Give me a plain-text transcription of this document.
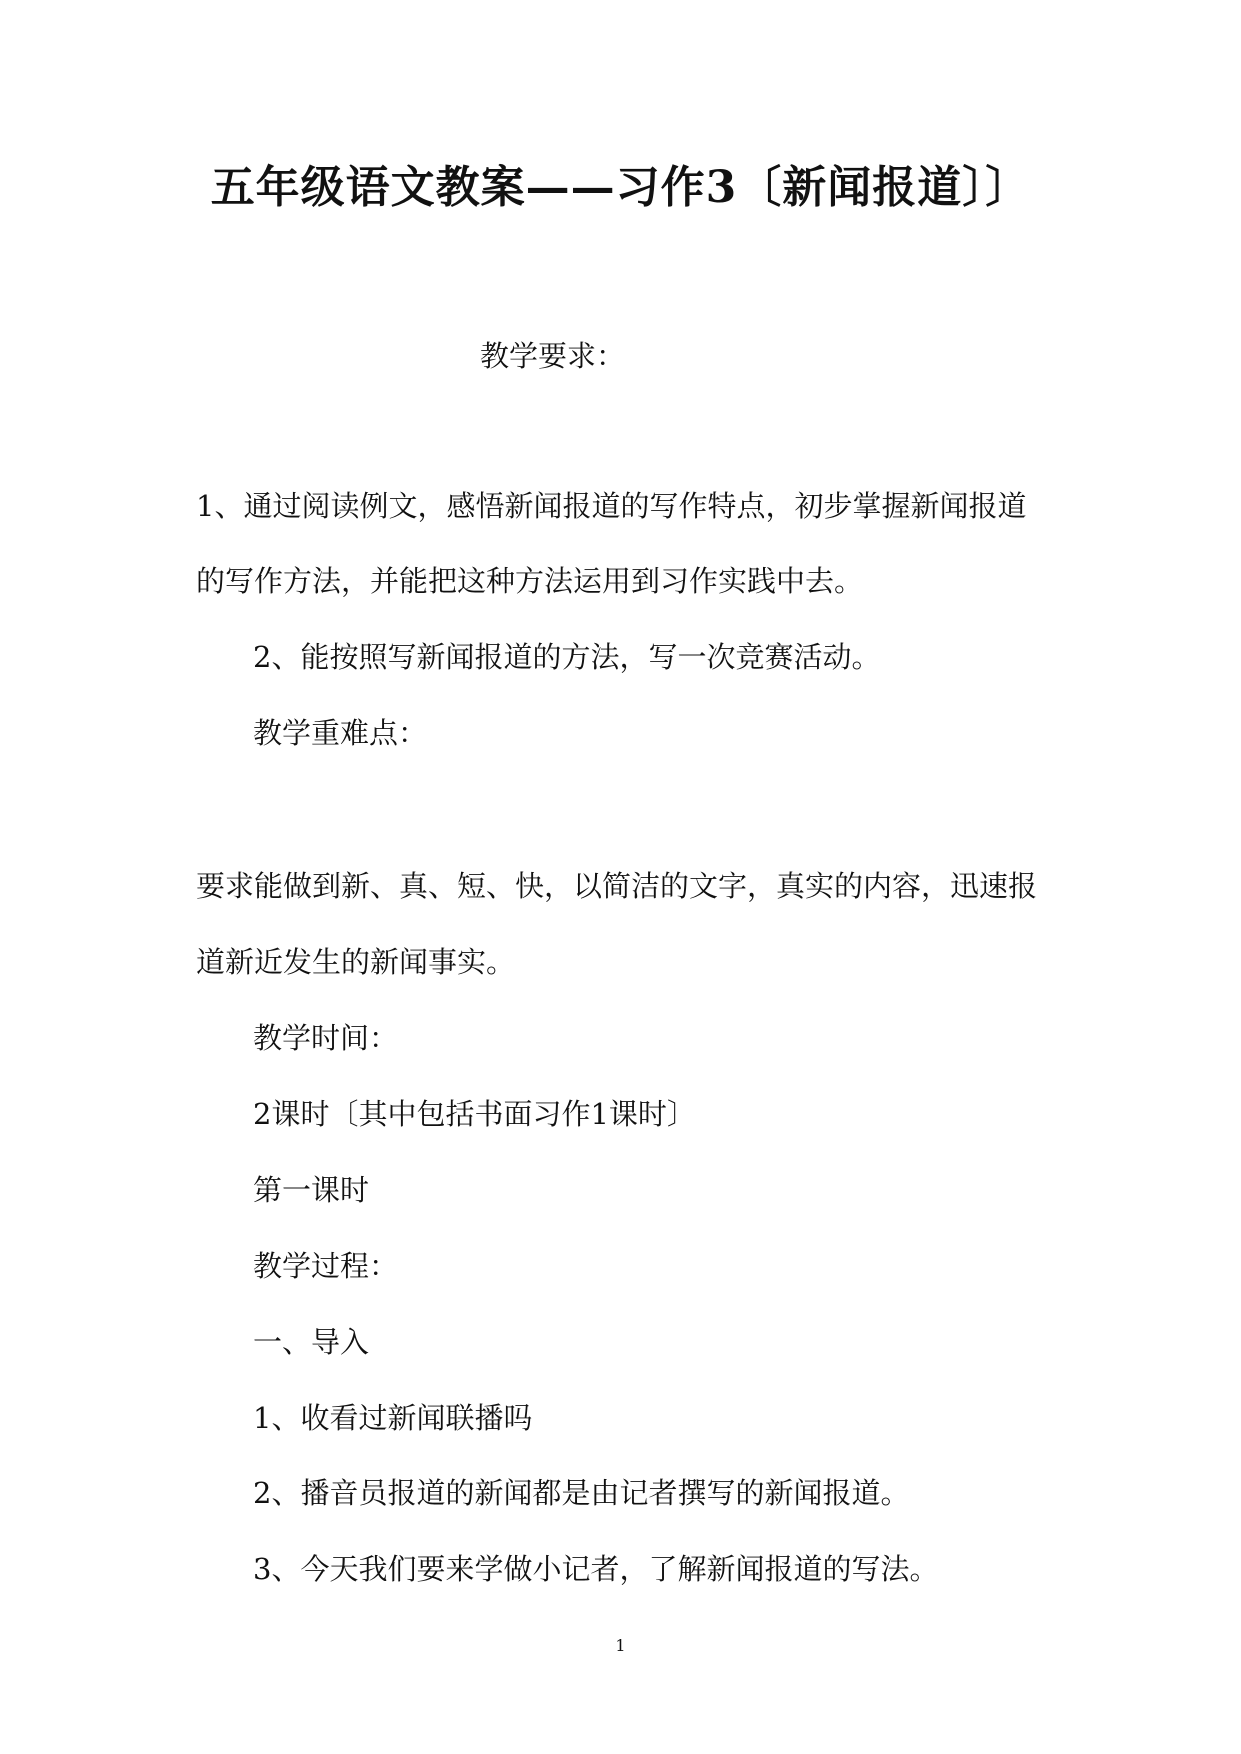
五年级语文教案——习作3〔新闻报道〕〕
教学要求：
1、通过阅读例文，感悟新闻报道的写作特点，初步掌握新闻报道
的写作方法，并能把这种方法运用到习作实践中去。
2、能按照写新闻报道的方法，写一次竞赛活动。
教学重难点：
要求能做到新、真、短、快，以简洁的文字，真实的内容，迅速报
道新近发生的新闻事实。
教学时间：
2课时〔其中包括书面习作1课时〕
第一课时
教学过程：
一、导入
1、收看过新闻联播吗
2、播音员报道的新闻都是由记者撰写的新闻报道。
3、今天我们要来学做小记者，了解新闻报道的写法。
1
